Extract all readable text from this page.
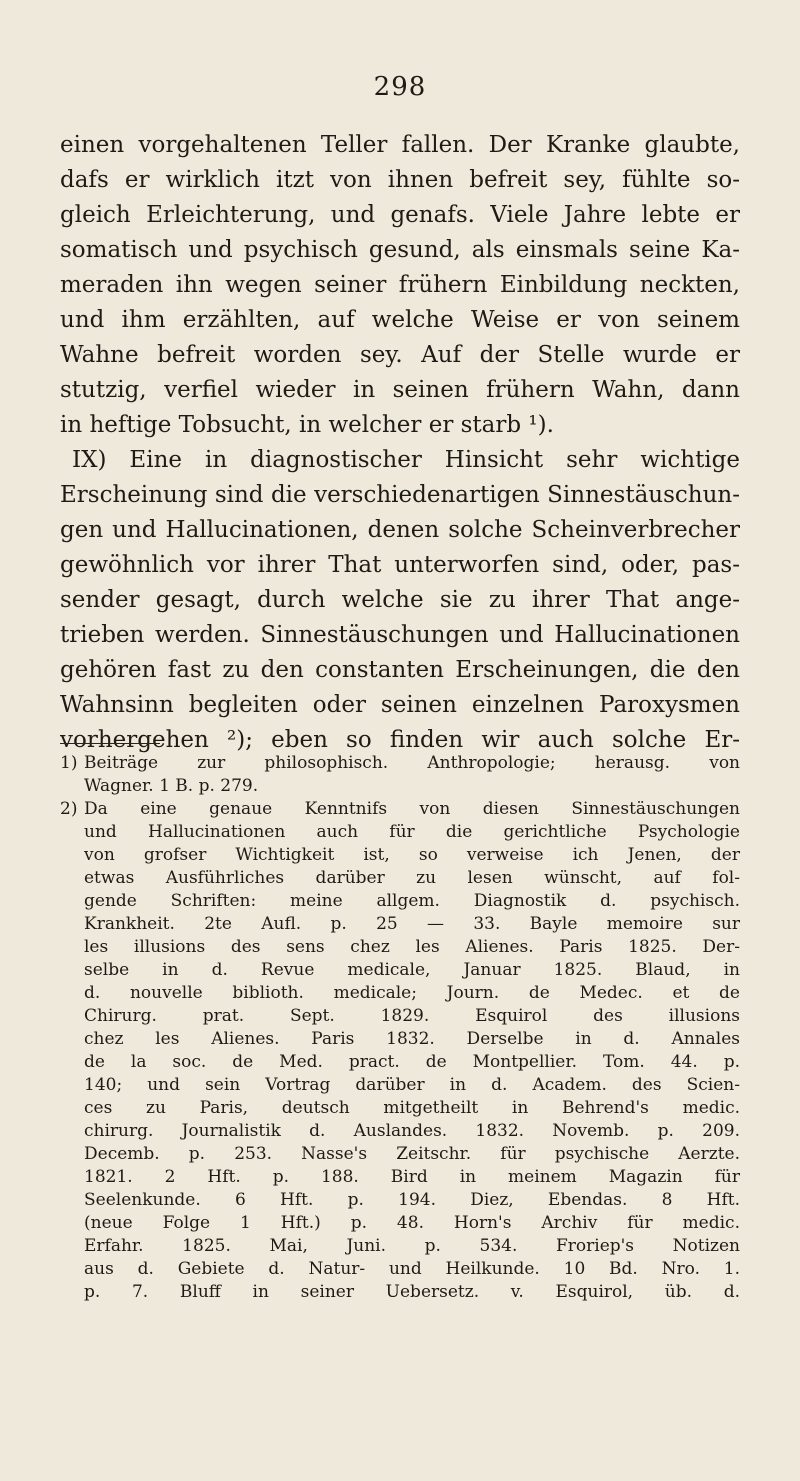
298
einen vorgehaltenen Teller fallen. Der Kranke glaubte,
dafs er wirklich itzt von ihnen befreit sey, fühlte so-
gleich Erleichterung, und genafs. Viele Jahre lebte er
somatisch und psychisch gesund, als einsmals seine Ka-
meraden ihn wegen seiner frühern Einbildung neckten,
und ihm erzählten, auf welche Weise er von seinem
Wahne befreit worden sey. Auf der Stelle wurde er
stutzig, verfiel wieder in seinen frühern Wahn, dann
in heftige Tobsucht, in welcher er starb ¹).
IX) Eine in diagnostischer Hinsicht sehr wichtige
Erscheinung sind die verschiedenartigen Sinnestäuschun-
gen und Hallucinationen, denen solche Scheinverbrecher
gewöhnlich vor ihrer That unterworfen sind, oder, pas-
sender gesagt, durch welche sie zu ihrer That ange-
trieben werden. Sinnestäuschungen und Hallucinationen
gehören fast zu den constanten Erscheinungen, die den
Wahnsinn begleiten oder seinen einzelnen Paroxysmen
vorhergehen ²); eben so finden wir auch solche Er-
1) Beiträge zur philosophisch. Anthropologie; herausg. von
Wagner. 1 B. p. 279.
2) Da eine genaue Kenntnifs von diesen Sinnestäuschungen
und Hallucinationen auch für die gerichtliche Psychologie
von grofser Wichtigkeit ist, so verweise ich Jenen, der
etwas Ausführliches darüber zu lesen wünscht, auf fol-
gende Schriften: meine allgem. Diagnostik d. psychisch.
Krankheit. 2te Aufl. p. 25 — 33. Bayle memoire sur
les illusions des sens chez les Alienes. Paris 1825. Der-
selbe in d. Revue medicale, Januar 1825. Blaud, in
d. nouvelle biblioth. medicale; Journ. de Medec. et de
Chirurg. prat. Sept. 1829. Esquirol des illusions
chez les Alienes. Paris 1832. Derselbe in d. Annales
de la soc. de Med. pract. de Montpellier. Tom. 44. p.
140; und sein Vortrag darüber in d. Academ. des Scien-
ces zu Paris, deutsch mitgetheilt in Behrend's medic.
chirurg. Journalistik d. Auslandes. 1832. Novemb. p. 209.
Decemb. p. 253. Nasse's Zeitschr. für psychische Aerzte.
1821. 2 Hft. p. 188. Bird in meinem Magazin für
Seelenkunde. 6 Hft. p. 194. Diez, Ebendas. 8 Hft.
(neue Folge 1 Hft.) p. 48. Horn's Archiv für medic.
Erfahr. 1825. Mai, Juni. p. 534. Froriep's Notizen
aus d. Gebiete d. Natur- und Heilkunde. 10 Bd. Nro. 1.
p. 7. Bluff in seiner Uebersetz. v. Esquirol, üb. d.
